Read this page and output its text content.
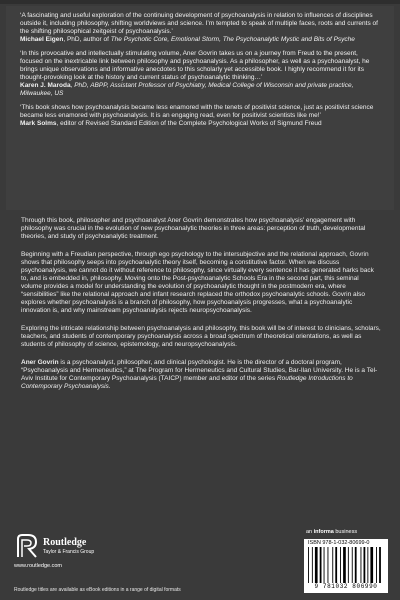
‘A fascinating and useful exploration of the continuing development of psychoanalysis in relation to influences of disciplines outside it, including philosophy, shifting worldviews and science. I’m tempted to speak of multiple faces, roots and currents of the shifting philosophical zeitgeist of psychoanalysis.’

Michael Eigen, PhD, author of The Psychotic Core, Emotional Storm, The Psychoanalytic Mystic and Bits of Psyche

‘In this provocative and intellectually stimulating volume, Aner Govrin takes us on a journey from Freud to the present, focused on the inextricable link between philosophy and psychoanalysis. As a philosopher, as well as a psychoanalyst, he brings unique observations and informative anecdotes to this scholarly yet accessible book. I highly recommend it for its thought-provoking look at the history and current status of psychoanalytic thinking…’

Karen J. Maroda, PhD, ABPP, Assistant Professor of Psychiatry, Medical College of Wisconsin and private practice, Milwaukee, US

‘This book shows how psychoanalysis became less enamored with the tenets of positivist science, just as positivist science became less enamored with psychoanalysis. It is an engaging read, even for positivist scientists like me!’

Mark Solms, editor of Revised Standard Edition of the Complete Psychological Works of Sigmund Freud

Through this book, philosopher and psychoanalyst Aner Govrin demonstrates how psychoanalysis’ engagement with philosophy was crucial in the evolution of new psychoanalytic theories in three areas: perception of truth, developmental theories, and study of psychoanalytic treatment.

Beginning with a Freudian perspective, through ego psychology to the intersubjective and the relational approach, Govrin shows that philosophy seeps into psychoanalytic theory itself, becoming a constitutive factor. When we discuss psychoanalysis, we cannot do it without reference to philosophy, since virtually every sentence it has generated harks back to, and is embedded in, philosophy. Moving onto the Post-psychoanalytic Schools Era in the second part, this seminal volume provides a model for understanding the evolution of psychoanalytic thought in the postmodern era, where “sensibilities” like the relational approach and infant research replaced the orthodox psychoanalytic schools. Govrin also explores whether psychoanalysis is a branch of philosophy, how psychoanalysis progresses, what a psychoanalytic innovation is, and why mainstream psychoanalysis rejects neuropsychoanalysis.

Exploring the intricate relationship between psychoanalysis and philosophy, this book will be of interest to clinicians, scholars, teachers, and students of contemporary psychoanalysis across a broad spectrum of theoretical orientations, as well as students of philosophy of science, epistemology, and neuropsychoanalysis.

Aner Govrin is a psychoanalyst, philosopher, and clinical psychologist. He is the director of a doctoral program, “Psychoanalysis and Hermeneutics,” at The Program for Hermeneutics and Cultural Studies, Bar-Ilan University. He is a Tel-Aviv Institute for Contemporary Psychoanalysis (TAICP) member and editor of the series Routledge Introductions to Contemporary Psychoanalysis.

Routledge
Taylor & Francis Group
www.routledge.com
Routledge titles are available as eBook editions in a range of digital formats
an informa business
ISBN 978-1-032-80699-0
9 781032 806990
